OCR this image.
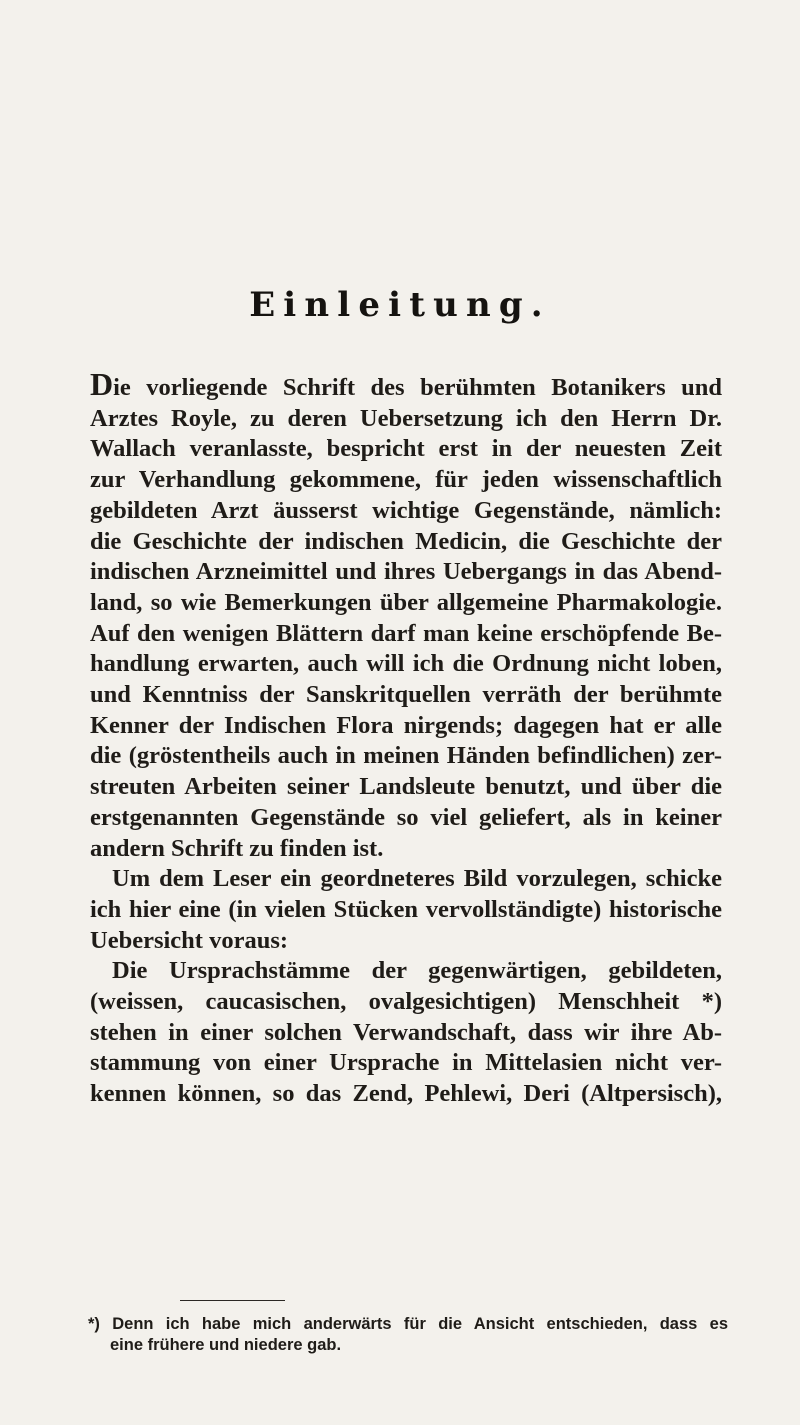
Einleitung.
Die vorliegende Schrift des berühmten Botanikers und
Arztes Royle, zu deren Uebersetzung ich den Herrn Dr.
Wallach veranlasste, bespricht erst in der neuesten Zeit
zur Verhandlung gekommene, für jeden wissenschaftlich
gebildeten Arzt äusserst wichtige Gegenstände, nämlich:
die Geschichte der indischen Medicin, die Geschichte der
indischen Arzneimittel und ihres Uebergangs in das Abend-
land, so wie Bemerkungen über allgemeine Pharmakologie.
Auf den wenigen Blättern darf man keine erschöpfende Be-
handlung erwarten, auch will ich die Ordnung nicht loben,
und Kenntniss der Sanskritquellen verräth der berühmte
Kenner der Indischen Flora nirgends; dagegen hat er alle
die (gröstentheils auch in meinen Händen befindlichen) zer-
streuten Arbeiten seiner Landsleute benutzt, und über die
erstgenannten Gegenstände so viel geliefert, als in keiner
andern Schrift zu finden ist.
Um dem Leser ein geordneteres Bild vorzulegen, schicke
ich hier eine (in vielen Stücken vervollständigte) historische
Uebersicht voraus:
Die Ursprachstämme der gegenwärtigen, gebildeten,
(weissen, caucasischen, ovalgesichtigen) Menschheit *)
stehen in einer solchen Verwandschaft, dass wir ihre Ab-
stammung von einer Ursprache in Mittelasien nicht ver-
kennen können, so das Zend, Pehlewi, Deri (Altpersisch),
*) Denn ich habe mich anderwärts für die Ansicht entschieden, dass es
eine frühere und niedere gab.
